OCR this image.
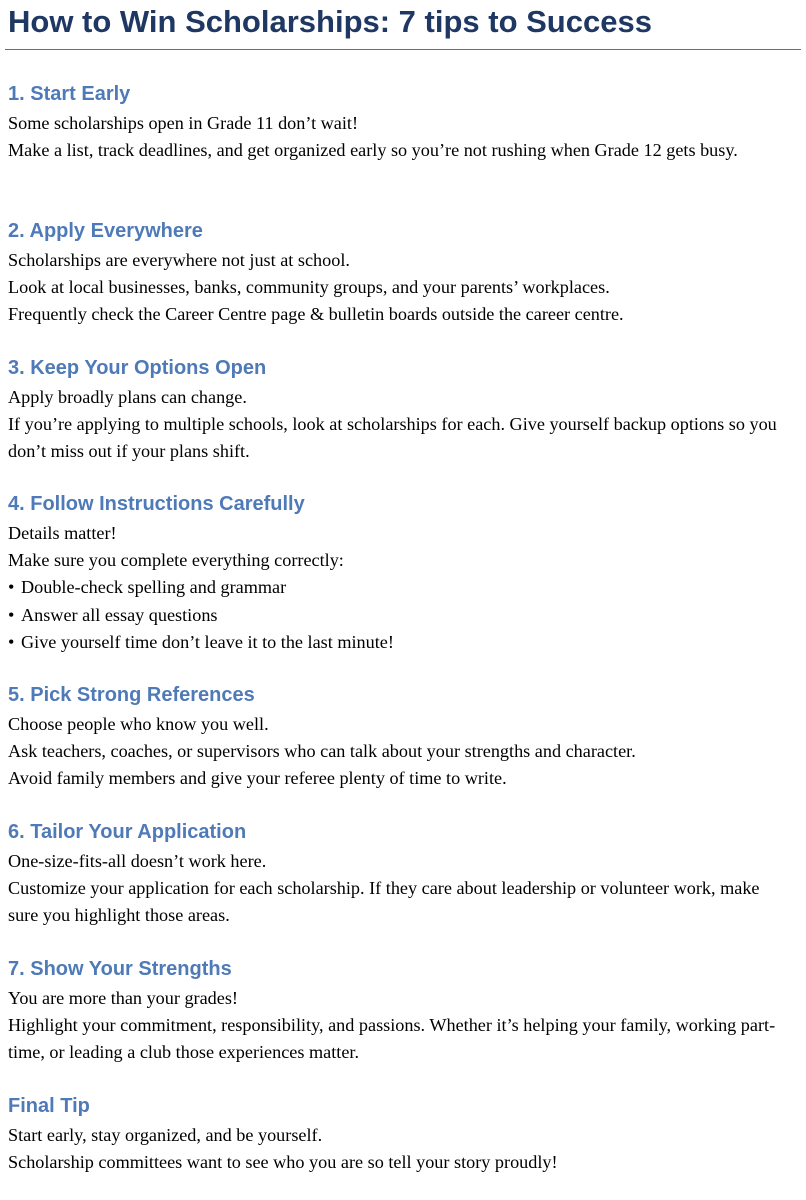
How to Win Scholarships: 7 tips to Success
1. Start Early

Some scholarships open in Grade 11 don’t wait!

Make a list, track deadlines, and get organized early so you’re not rushing when Grade 12 gets busy.

2. Apply Everywhere

Scholarships are everywhere not just at school.

Look at local businesses, banks, community groups, and your parents’ workplaces.

Frequently check the Career Centre page & bulletin boards outside the career centre.

3. Keep Your Options Open

Apply broadly plans can change.

If you’re applying to multiple schools, look at scholarships for each. Give yourself backup options so you don’t miss out if your plans shift.

4. Follow Instructions Carefully

Details matter!

Make sure you complete everything correctly:

• Double-check spelling and grammar

• Answer all essay questions

• Give yourself time don’t leave it to the last minute!

5. Pick Strong References

Choose people who know you well.

Ask teachers, coaches, or supervisors who can talk about your strengths and character.

Avoid family members and give your referee plenty of time to write.

6. Tailor Your Application

One-size-fits-all doesn’t work here.

Customize your application for each scholarship. If they care about leadership or volunteer work, make sure you highlight those areas.

7. Show Your Strengths

You are more than your grades!

Highlight your commitment, responsibility, and passions. Whether it’s helping your family, working part-time, or leading a club those experiences matter.

Final Tip

Start early, stay organized, and be yourself.

Scholarship committees want to see who you are so tell your story proudly!
